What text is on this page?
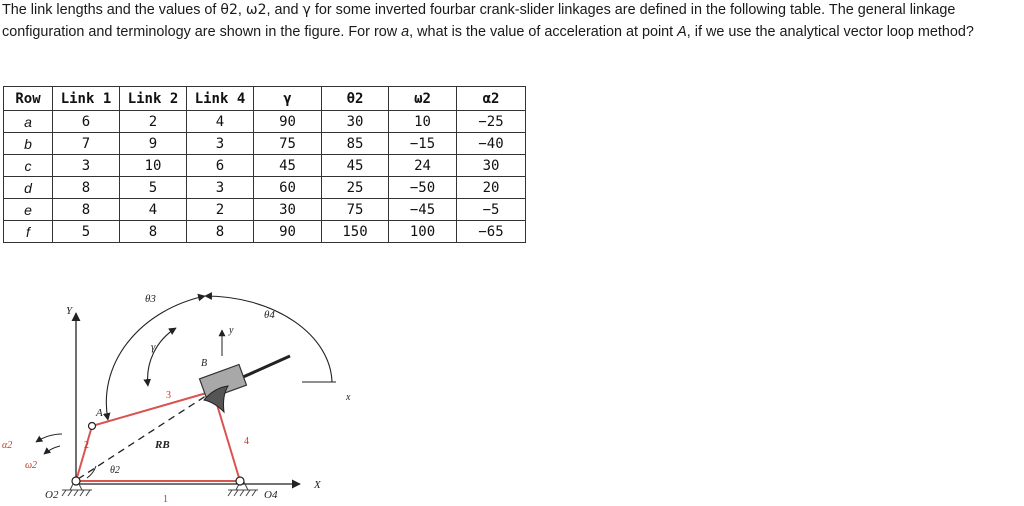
The link lengths and the values of θ2, ω2, and γ for some inverted fourbar crank-slider linkages are defined in the following table. The general linkage configuration and terminology are shown in the figure. For row a, what is the value of acceleration at point A, if we use the analytical vector loop method?

Row	Link 1	Link 2	Link 4	γ	θ2	ω2	α2
a	6	2	4	90	30	10	−25
b	7	9	3	75	85	−15	−40
c	3	10	6	45	45	24	30
d	8	5	3	60	25	−50	20
e	8	4	2	30	75	−45	−5
f	5	8	8	90	150	100	−65
θ3
θ4
γ
Y
y
x
X
B
A
RB
α2
ω2	θ2
O2	O4
1
2
3
4
